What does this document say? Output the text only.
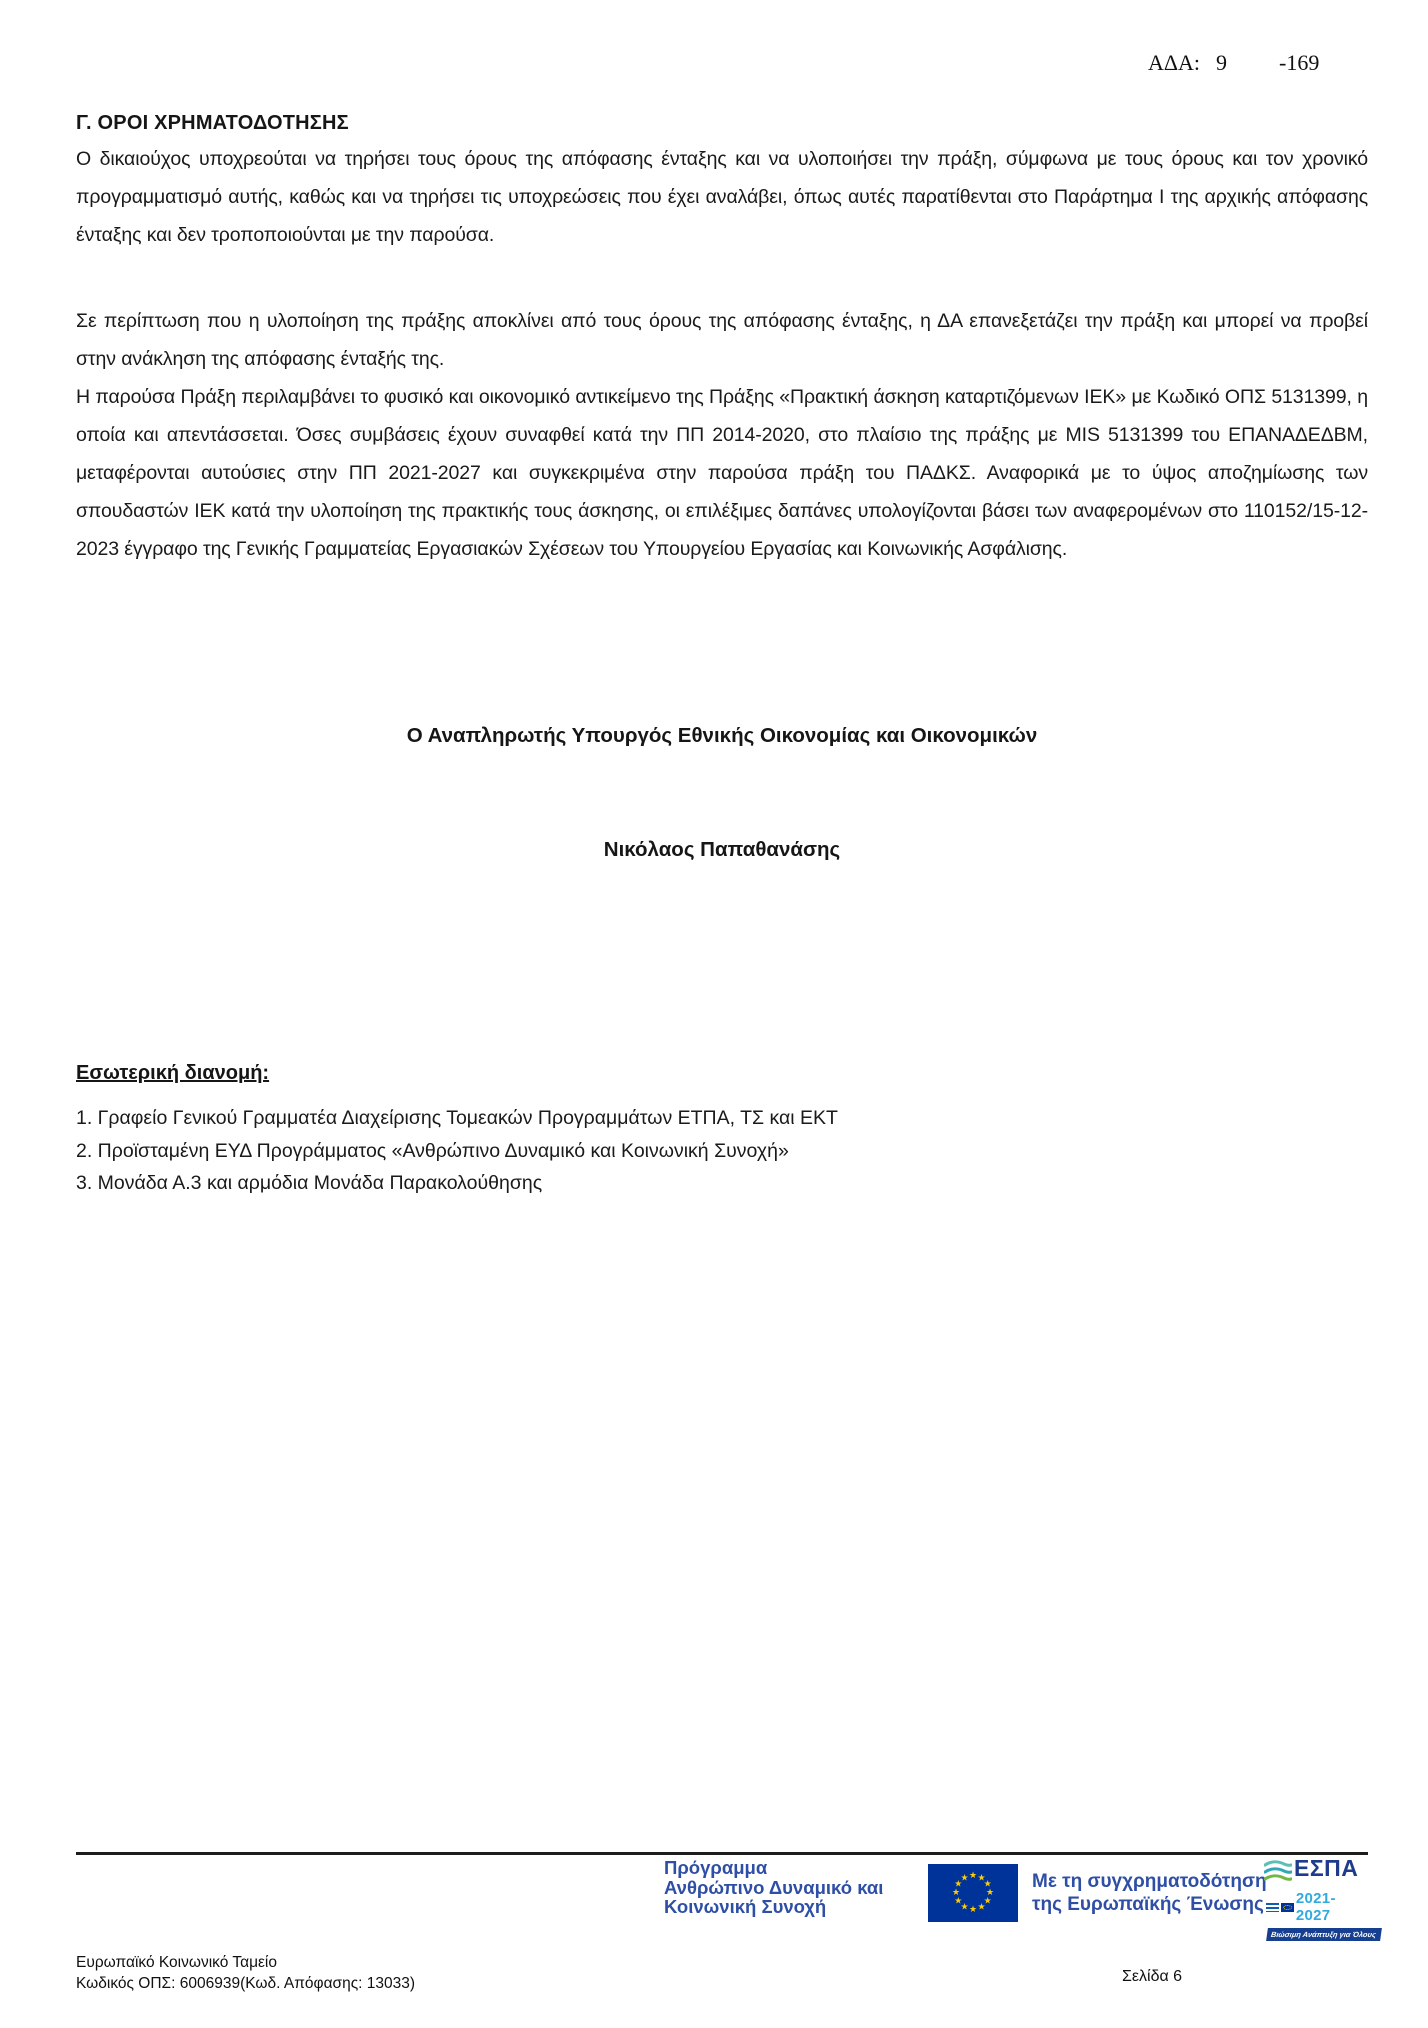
ΑΔΑ: 9 -169
Γ. ΟΡΟΙ ΧΡΗΜΑΤΟΔΟΤΗΣΗΣ

Ο δικαιούχος υποχρεούται να τηρήσει τους όρους της απόφασης ένταξης και να υλοποιήσει την πράξη, σύμφωνα με τους όρους και τον χρονικό προγραμματισμό αυτής, καθώς και να τηρήσει τις υποχρεώσεις που έχει αναλάβει, όπως αυτές παρατίθενται στο Παράρτημα Ι της αρχικής απόφασης ένταξης και δεν τροποποιούνται με την παρούσα.

Σε περίπτωση που η υλοποίηση της πράξης αποκλίνει από τους όρους της απόφασης ένταξης, η ΔΑ επανεξετάζει την πράξη και μπορεί να προβεί στην ανάκληση της απόφασης ένταξής της.

Η παρούσα Πράξη περιλαμβάνει το φυσικό και οικονομικό αντικείμενο της Πράξης «Πρακτική άσκηση καταρτιζόμενων ΙΕΚ» με Κωδικό ΟΠΣ 5131399, η οποία και απεντάσσεται. Όσες συμβάσεις έχουν συναφθεί κατά την ΠΠ 2014-2020, στο πλαίσιο της πράξης με MIS 5131399 του ΕΠΑΝΑΔΕΔΒΜ, μεταφέρονται αυτούσιες στην ΠΠ 2021-2027 και συγκεκριμένα στην παρούσα πράξη του ΠΑΔΚΣ. Αναφορικά με το ύψος αποζημίωσης των σπουδαστών ΙΕΚ κατά την υλοποίηση της πρακτικής τους άσκησης, οι επιλέξιμες δαπάνες υπολογίζονται βάσει των αναφερομένων στο 110152/15-12-2023 έγγραφο της Γενικής Γραμματείας Εργασιακών Σχέσεων του Υπουργείου Εργασίας και Κοινωνικής Ασφάλισης.

Ο Αναπληρωτής Υπουργός Εθνικής Οικονομίας και Οικονομικών
Νικόλαος Παπαθανάσης
Εσωτερική διανομή:
1. Γραφείο Γενικού Γραμματέα Διαχείρισης Τομεακών Προγραμμάτων ΕΤΠΑ, ΤΣ και ΕΚΤ
2. Προϊσταμένη ΕΥΔ Προγράμματος «Ανθρώπινο Δυναμικό και Κοινωνική Συνοχή»
3. Μονάδα Α.3 και αρμόδια Μονάδα Παρακολούθησης
Πρόγραμμα
Ανθρώπινο Δυναμικό και
Κοινωνική Συνοχή
★ ★
★
★
★
★
★
★
★
★
★
★	Με τη συγχρηματοδότηση
της Ευρωπαϊκής Ένωσης
ΕΣΠΑ
2021-2027
Βιώσιμη Ανάπτυξη για Όλους
Ευρωπαϊκό Κοινωνικό Ταμείο
Κωδικός ΟΠΣ: 6006939(Κωδ. Απόφασης: 13033)	Σελίδα 6
